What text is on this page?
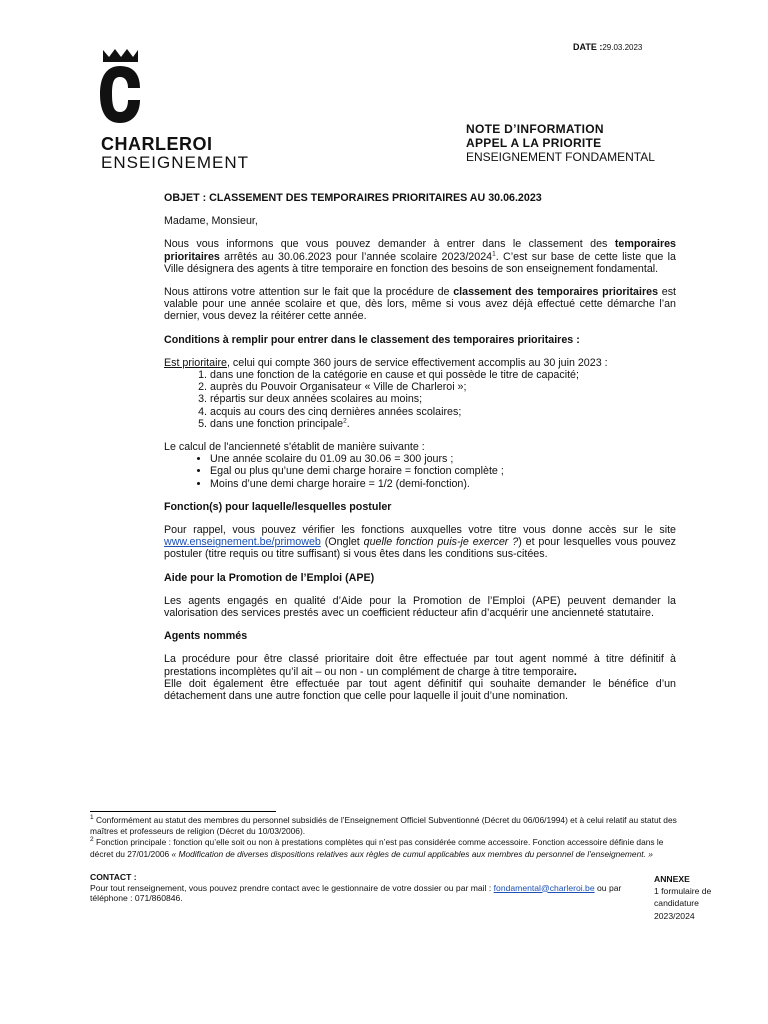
CHARLEROI
ENSEIGNEMENT
DATE :29.03.2023
NOTE D’INFORMATION
APPEL A LA PRIORITE
ENSEIGNEMENT FONDAMENTAL

OBJET : CLASSEMENT DES TEMPORAIRES PRIORITAIRES AU 30.06.2023

Madame, Monsieur,

Nous vous informons que vous pouvez demander à entrer dans le classement des temporaires prioritaires arrêtés au 30.06.2023 pour l’année scolaire 2023/2024$^1$. C’est sur base de cette liste que la Ville désignera des agents à titre temporaire en fonction des besoins de son enseignement fondamental.

Nous attirons votre attention sur le fait que la procédure de classement des temporaires prioritaires est valable pour une année scolaire et que, dès lors, même si vous avez déjà effectué cette démarche l’an dernier, vous devez la réitérer cette année.

Conditions à remplir pour entrer dans le classement des temporaires prioritaires :

Est prioritaire, celui qui compte 360 jours de service effectivement accomplis au 30 juin 2023 :

1. dans une fonction de la catégorie en cause et qui possède le titre de capacité;
2. auprès du Pouvoir Organisateur « Ville de Charleroi »;
3. répartis sur deux années scolaires au moins;
4. acquis au cours des cinq dernières années scolaires;
5. dans une fonction principale$^2$.

Le calcul de l'ancienneté s'établit de manière suivante :

• Une année scolaire du 01.09 au 30.06 = 300 jours ;
• Egal ou plus qu’une demi charge horaire = fonction complète ;
• Moins d’une demi charge horaire = 1/2 (demi-fonction).

Fonction(s) pour laquelle/lesquelles postuler

Pour rappel, vous pouvez vérifier les fonctions auxquelles votre titre vous donne accès sur le site www.enseignement.be/primoweb (Onglet quelle fonction puis-je exercer ?) et pour lesquelles vous pouvez postuler (titre requis ou titre suffisant) si vous êtes dans les conditions sus-citées.

Aide pour la Promotion de l’Emploi (APE)

Les agents engagés en qualité d’Aide pour la Promotion de l’Emploi (APE) peuvent demander la valorisation des services prestés avec un coefficient réducteur afin d’acquérir une ancienneté statutaire.

Agents nommés

La procédure pour être classé prioritaire doit être effectuée par tout agent nommé à titre définitif à prestations incomplètes qu’il ait – ou non - un complément de charge à titre temporaire.

Elle doit également être effectuée par tout agent définitif qui souhaite demander le bénéfice d’un détachement dans une autre fonction que celle pour laquelle il jouit d’une nomination.

$^1$ Conformément au statut des membres du personnel subsidiés de l’Enseignement Officiel Subventionné (Décret du 06/06/1994) et à celui relatif au statut des maîtres et professeurs de religion (Décret du 10/03/2006).

$^2$ Fonction principale : fonction qu’elle soit ou non à prestations complètes qui n’est pas considérée comme accessoire. Fonction accessoire définie dans le décret du 27/01/2006 « Modification de diverses dispositions relatives aux règles de cumul applicables aux membres du personnel de l’enseignement. »

CONTACT :
Pour tout renseignement, vous pouvez prendre contact avec le gestionnaire de votre dossier ou par mail : fondamental@charleroi.be ou par téléphone : 071/860846.
ANNEXE
1 formulaire de
candidature
2023/2024
